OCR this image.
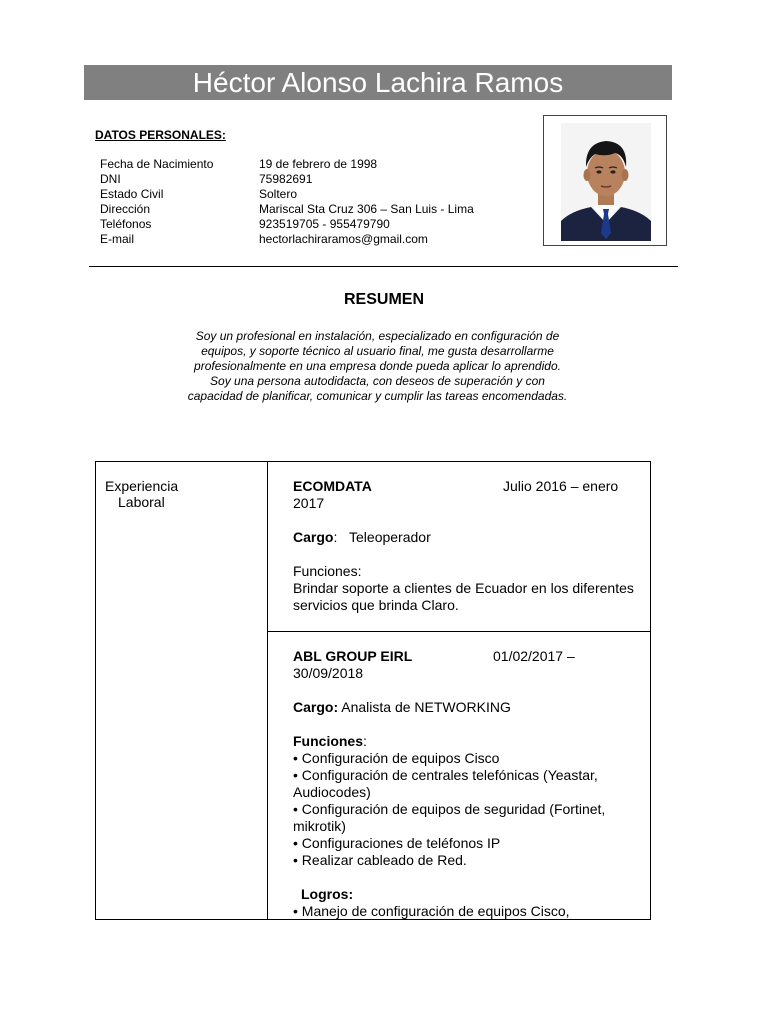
Héctor Alonso Lachira Ramos
DATOS PERSONALES:
Fecha de Nacimiento	19 de febrero de 1998
DNI	75982691
Estado Civil	Soltero
Dirección	Mariscal Sta Cruz 306 – San Luis - Lima
Teléfonos	923519705 - 955479790
E-mail	hectorlachiraramos@gmail.com
RESUMEN
Soy un profesional en instalación, especializado en configuración de
equipos, y soporte técnico al usuario final, me gusta desarrollarme
profesionalmente en una empresa donde pueda aplicar lo aprendido.
Soy una persona autodidacta, con deseos de superación y con
capacidad de planificar, comunicar y cumplir las tareas encomendadas.
Experiencia
Laboral
ECOMDATA	Julio 2016 – enero
2017
Cargo: Teleoperador
Funciones:
Brindar soporte a clientes de Ecuador en los diferentes
servicios que brinda Claro.
ABL GROUP EIRL	01/02/2017 –
30/09/2018
Cargo: Analista de NETWORKING
Funciones:
• Configuración de equipos Cisco
• Configuración de centrales telefónicas (Yeastar,
Audiocodes)
• Configuración de equipos de seguridad (Fortinet,
mikrotik)
• Configuraciones de teléfonos IP
• Realizar cableado de Red.
Logros:
• Manejo de configuración de equipos Cisco,
